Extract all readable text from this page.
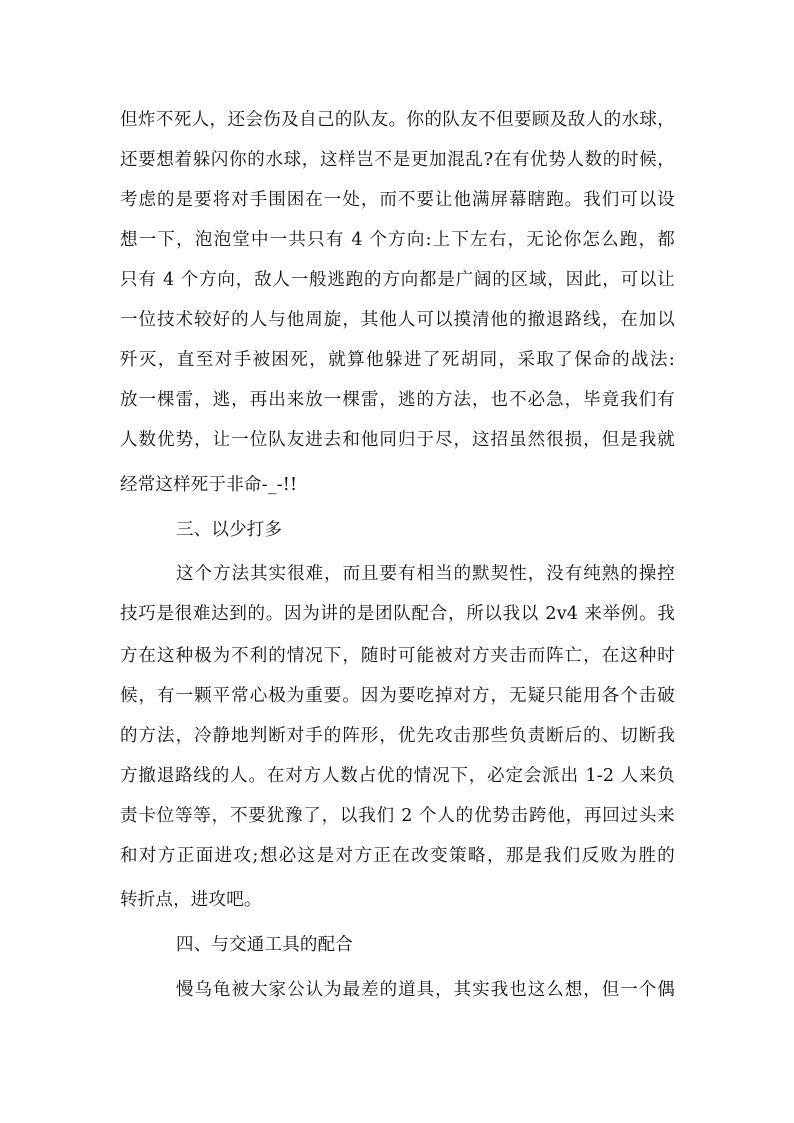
但炸不死人，还会伤及自己的队友。你的队友不但要顾及敌人的水球，
还要想着躲闪你的水球，这样岂不是更加混乱?在有优势人数的时候，
考虑的是要将对手围困在一处，而不要让他满屏幕瞎跑。我们可以设
想一下，泡泡堂中一共只有 4 个方向:上下左右，无论你怎么跑，都
只有 4 个方向，敌人一般逃跑的方向都是广阔的区域，因此，可以让
一位技术较好的人与他周旋，其他人可以摸清他的撤退路线，在加以
歼灭，直至对手被困死，就算他躲进了死胡同，采取了保命的战法:
放一棵雷，逃，再出来放一棵雷，逃的方法，也不必急，毕竟我们有
人数优势，让一位队友进去和他同归于尽，这招虽然很损，但是我就
经常这样死于非命-_-!!
三、以少打多
这个方法其实很难，而且要有相当的默契性，没有纯熟的操控
技巧是很难达到的。因为讲的是团队配合，所以我以 2v4 来举例。我
方在这种极为不利的情况下，随时可能被对方夹击而阵亡，在这种时
候，有一颗平常心极为重要。因为要吃掉对方，无疑只能用各个击破
的方法，冷静地判断对手的阵形，优先攻击那些负责断后的、切断我
方撤退路线的人。在对方人数占优的情况下，必定会派出 1-2 人来负
责卡位等等，不要犹豫了，以我们 2 个人的优势击跨他，再回过头来
和对方正面进攻;想必这是对方正在改变策略，那是我们反败为胜的
转折点，进攻吧。
四、与交通工具的配合
慢乌龟被大家公认为最差的道具，其实我也这么想，但一个偶
